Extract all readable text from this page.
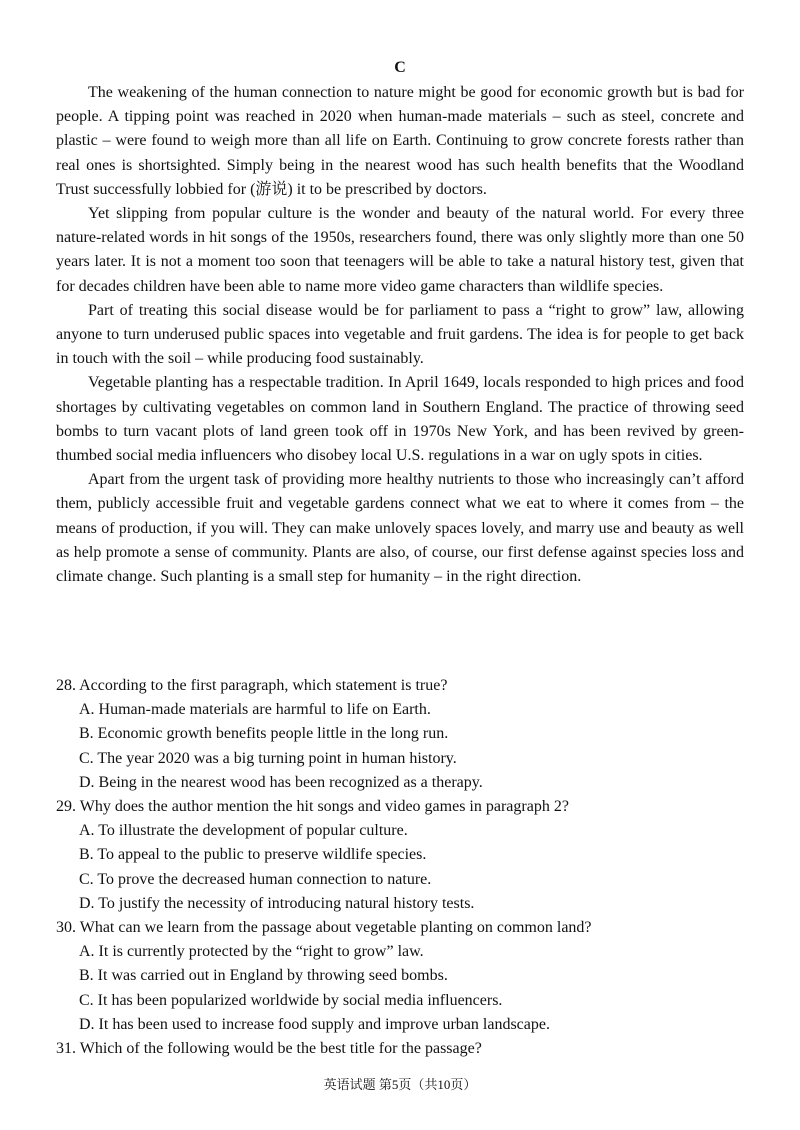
C

The weakening of the human connection to nature might be good for economic growth but is bad for people. A tipping point was reached in 2020 when human-made materials – such as steel, concrete and plastic – were found to weigh more than all life on Earth. Continuing to grow concrete forests rather than real ones is shortsighted. Simply being in the nearest wood has such health benefits that the Woodland Trust successfully lobbied for (游说) it to be prescribed by doctors.

Yet slipping from popular culture is the wonder and beauty of the natural world. For every three nature-related words in hit songs of the 1950s, researchers found, there was only slightly more than one 50 years later. It is not a moment too soon that teenagers will be able to take a natural history test, given that for decades children have been able to name more video game characters than wildlife species.

Part of treating this social disease would be for parliament to pass a “right to grow” law, allowing anyone to turn underused public spaces into vegetable and fruit gardens. The idea is for people to get back in touch with the soil – while producing food sustainably.

Vegetable planting has a respectable tradition. In April 1649, locals responded to high prices and food shortages by cultivating vegetables on common land in Southern England. The practice of throwing seed bombs to turn vacant plots of land green took off in 1970s New York, and has been revived by green-thumbed social media influencers who disobey local U.S. regulations in a war on ugly spots in cities.

Apart from the urgent task of providing more healthy nutrients to those who increasingly can’t afford them, publicly accessible fruit and vegetable gardens connect what we eat to where it comes from – the means of production, if you will. They can make unlovely spaces lovely, and marry use and beauty as well as help promote a sense of community. Plants are also, of course, our first defense against species loss and climate change. Such planting is a small step for humanity – in the right direction.

28. According to the first paragraph, which statement is true?
A. Human-made materials are harmful to life on Earth.
B. Economic growth benefits people little in the long run.
C. The year 2020 was a big turning point in human history.
D. Being in the nearest wood has been recognized as a therapy.
29. Why does the author mention the hit songs and video games in paragraph 2?
A. To illustrate the development of popular culture.
B. To appeal to the public to preserve wildlife species.
C. To prove the decreased human connection to nature.
D. To justify the necessity of introducing natural history tests.
30. What can we learn from the passage about vegetable planting on common land?
A. It is currently protected by the “right to grow” law.
B. It was carried out in England by throwing seed bombs.
C. It has been popularized worldwide by social media influencers.
D. It has been used to increase food supply and improve urban landscape.
31. Which of the following would be the best title for the passage?
英语试题 第5页（共10页）
